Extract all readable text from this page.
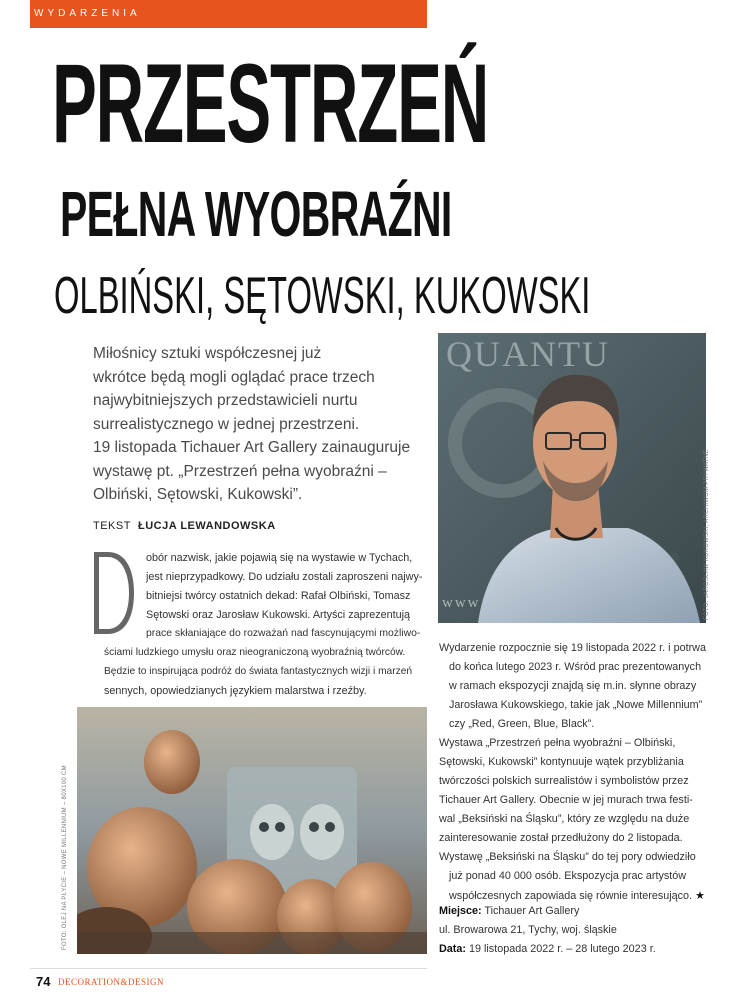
WYDARZENIA
PRZESTRZEŃ
PEŁNA WYOBRAŹNI
OLBIŃSKI, SĘTOWSKI, KUKOWSKI
Miłośnicy sztuki współczesnej już
wkrótce będą mogli oglądać prace trzech
najwybitniejszych przedstawicieli nurtu
surrealistycznego w jednej przestrzeni.
19 listopada Tichauer Art Gallery zainauguruje
wystawę pt. „Przestrzeń pełna wyobraźni –
Olbiński, Sętowski, Kukowski”.
TEKST ŁUCJA LEWANDOWSKA
obór nazwisk, jakie pojawią się na wystawie w Tychach,
jest nieprzypadkowy. Do udziału zostali zaproszeni najwy-
bitniejsi twórcy ostatnich dekad: Rafał Olbiński, Tomasz
Sętowski oraz Jarosław Kukowski. Artyści zaprezentują
prace skłaniające do rozważań nad fascynującymi możliwo-
ściami ludzkiego umysłu oraz nieograniczoną wyobraźnią twórców.
Będzie to inspirująca podróż do świata fantastycznych wizji i marzeń
sennych, opowiedzianych językiem malarstwa i rzeźby.
QUANTU
www	FOTO: JAROSŁAW KUKOWSKI, ARCHIWUM PRYWATNE
FOTO: OLEJ NA PŁYCIE – NOWE MILLENNIUM – 80X100 CM
Wydarzenie rozpocznie się 19 listopada 2022 r. i potrwa
do końca lutego 2023 r. Wśród prac prezentowanych
w ramach ekspozycji znajdą się m.in. słynne obrazy
Jarosława Kukowskiego, takie jak „Nowe Millennium”
czy „Red, Green, Blue, Black”.
Wystawa „Przestrzeń pełna wyobraźni – Olbiński,
Sętowski, Kukowski” kontynuuje wątek przybliżania
twórczości polskich surrealistów i symbolistów przez
Tichauer Art Gallery. Obecnie w jej murach trwa festi-
wal „Beksiński na Śląsku”, który ze względu na duże
zainteresowanie został przedłużony do 2 listopada.
Wystawę „Beksiński na Śląsku” do tej pory odwiedziło
już ponad 40 000 osób. Ekspozycja prac artystów
współczesnych zapowiada się równie interesująco. ★
Miejsce: Tichauer Art Gallery
ul. Browarowa 21, Tychy, woj. śląskie
Data: 19 listopada 2022 r. – 28 lutego 2023 r.
74 DECORATION&DESIGN
